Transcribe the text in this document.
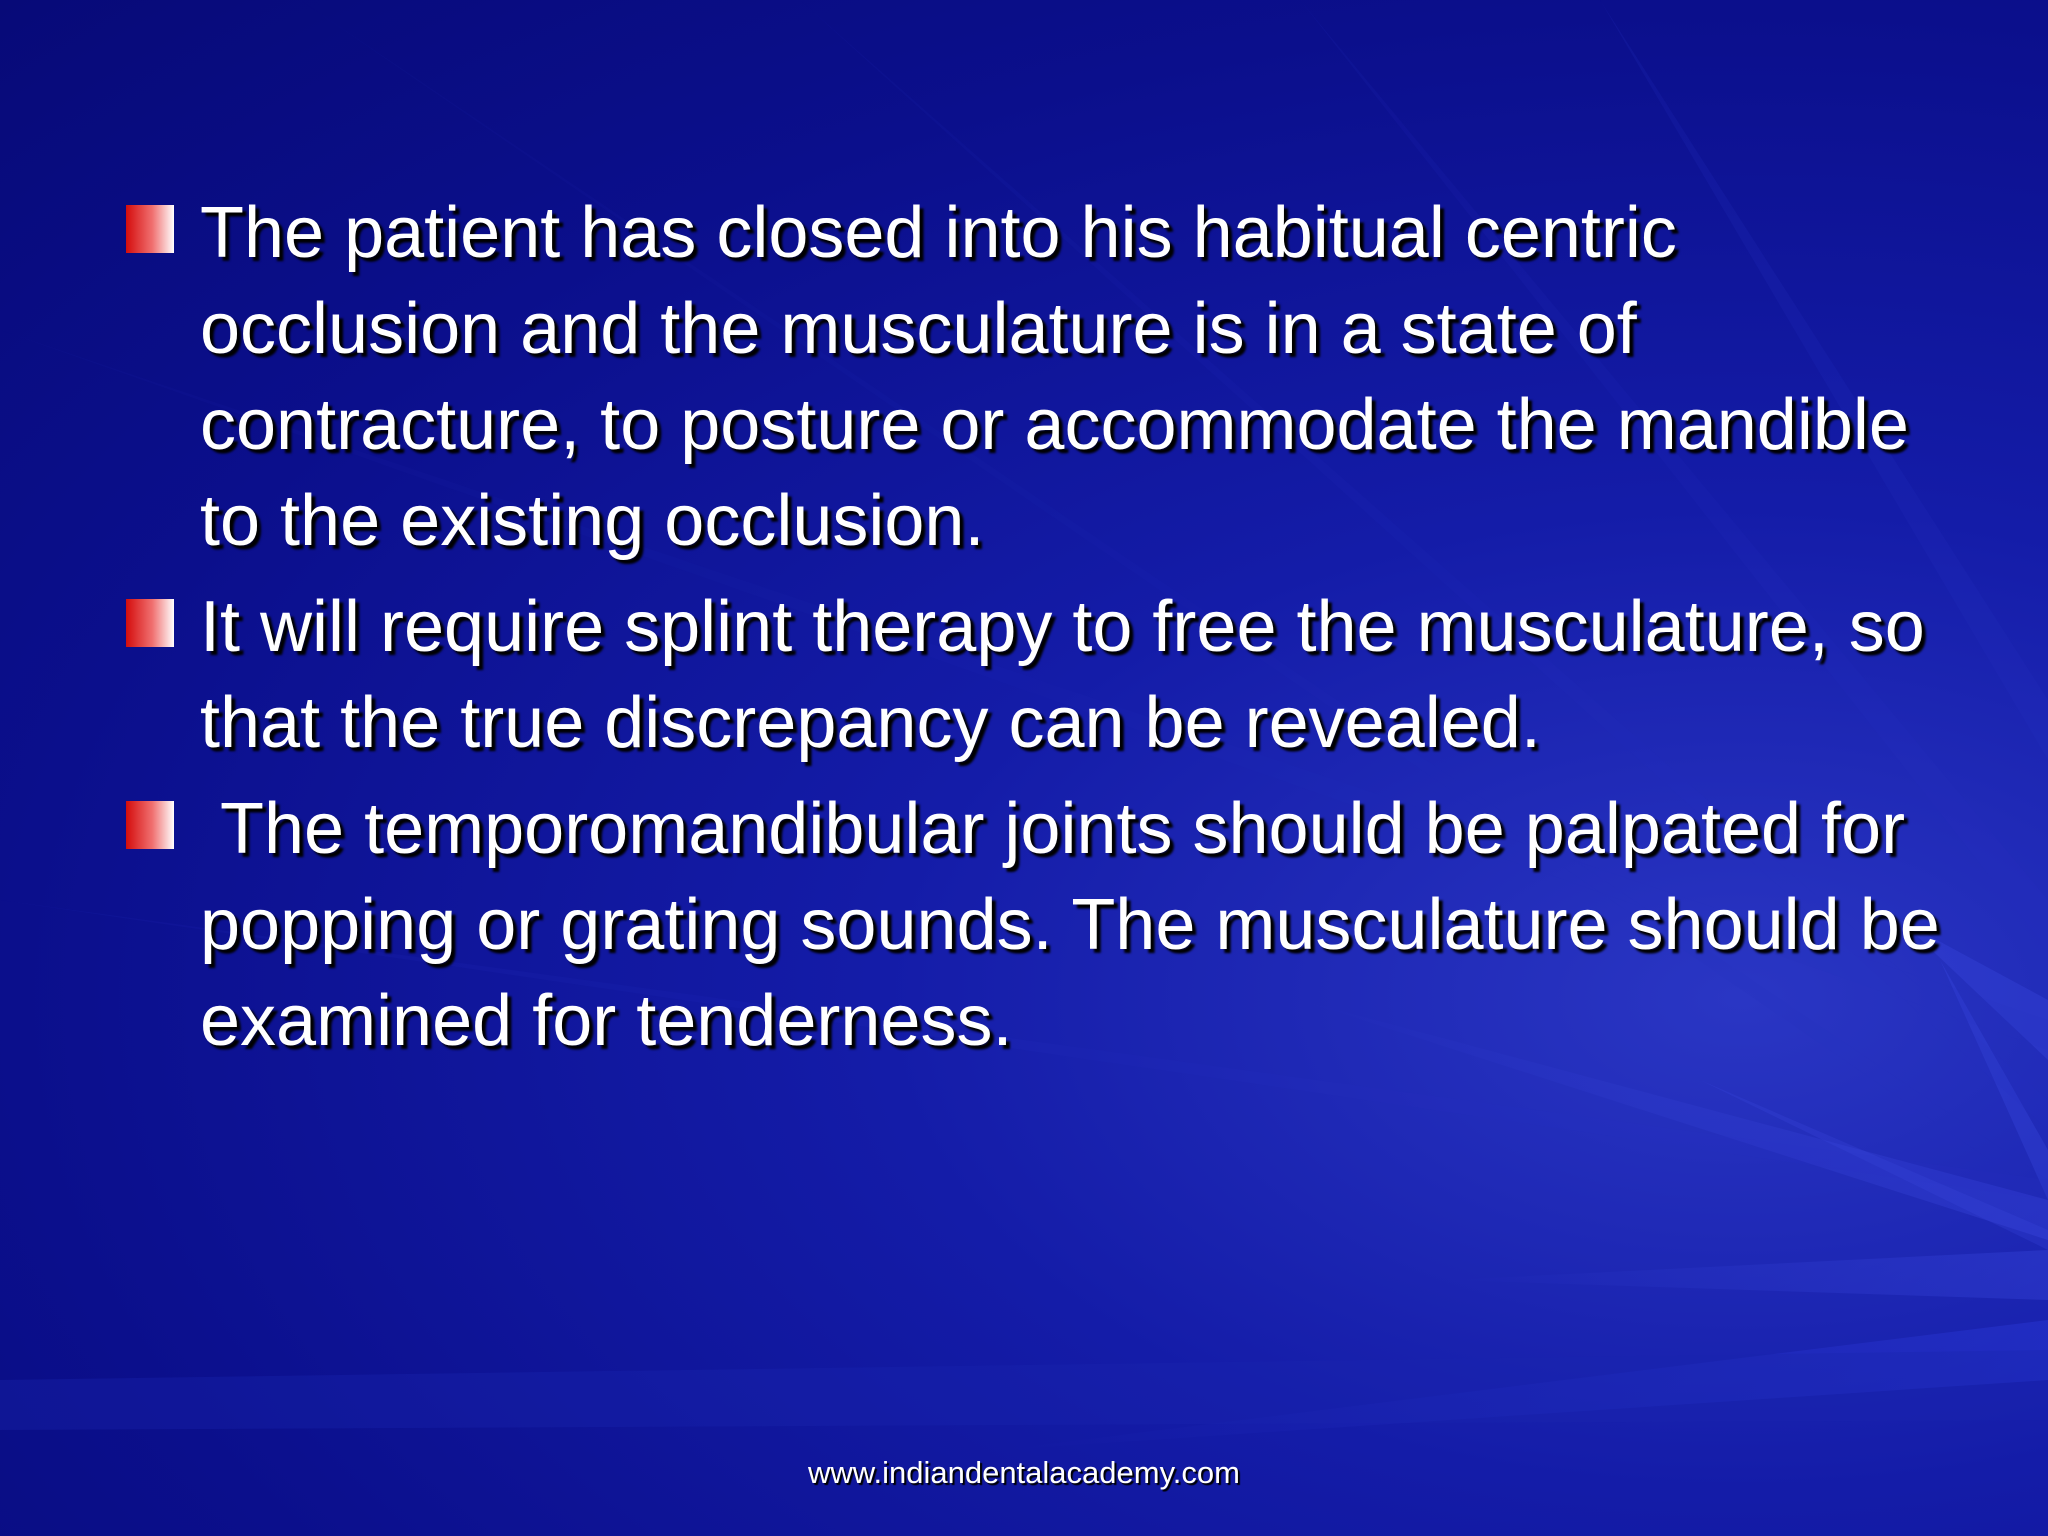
The patient has closed into his habitual centric occlusion and the musculature is in a state of contracture, to posture or accommodate the mandible to the existing occlusion.
It will require splint therapy to free the musculature, so that the true discrepancy can be revealed.
The temporomandibular joints should be palpated for popping or grating sounds. The musculature should be examined for tenderness.
www.indiandentalacademy.com
